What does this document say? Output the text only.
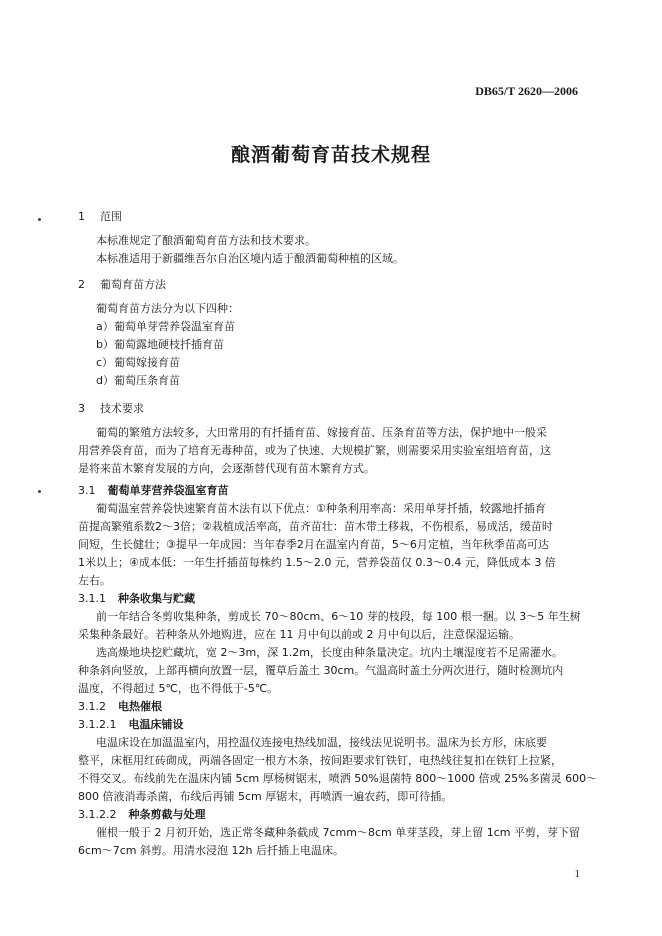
DB65/T 2620—2006
酿酒葡萄育苗技术规程
1 范围
本标准规定了酿酒葡萄育苗方法和技术要求。
本标准适用于新疆维吾尔自治区境内适于酿酒葡萄种植的区域。
2 葡萄育苗方法
葡萄育苗方法分为以下四种：
a）葡萄单芽营养袋温室育苗
b）葡萄露地硬枝扦插育苗
c）葡萄嫁接育苗
d）葡萄压条育苗
3 技术要求
葡萄的繁殖方法较多，大田常用的有扦插育苗、嫁接育苗、压条育苗等方法，保护地中一般采
用营养袋育苗，而为了培育无毒种苗，或为了快速、大规模扩繁，则需要采用实验室组培育苗，这
是将来苗木繁育发展的方向，会逐渐替代现有苗木繁育方式。
3.1 葡萄单芽营养袋温室育苗
葡萄温室营养袋快速繁育苗木法有以下优点：①种条利用率高：采用单芽扦插，较露地扦插育
苗提高繁殖系数2～3倍；②栽植成活率高，苗齐苗壮：苗木带土移栽，不伤根系，易成活，缓苗时
间短，生长健壮；③提早一年成园：当年春季2月在温室内育苗，5～6月定植，当年秋季苗高可达
1米以上；④成本低：一年生扦插苗每株约 1.5～2.0 元，营养袋苗仅 0.3～0.4 元，降低成本 3 倍
左右。
3.1.1 种条收集与贮藏
前一年结合冬剪收集种条，剪成长 70～80cm、6～10 芽的枝段，每 100 根一捆。以 3～5 年生树
采集种条最好。若种条从外地购进，应在 11 月中旬以前或 2 月中旬以后，注意保湿运输。
选高燥地块挖贮藏坑，宽 2～3m，深 1.2m，长度由种条量决定。坑内土壤湿度若不足需灌水。
种条斜向竖放，上部再横向放置一层，覆草后盖土 30cm。气温高时盖土分两次进行，随时检测坑内
温度，不得超过 5℃，也不得低于-5℃。
3.1.2 电热催根
3.1.2.1 电温床铺设
电温床设在加温温室内，用控温仪连接电热线加温，接线法见说明书。温床为长方形，床底要
整平，床框用红砖砌成，两端各固定一根方木条，按间距要求钉铁钉，电热线往复扣在铁钉上拉紧，
不得交叉。布线前先在温床内铺 5cm 厚杨树锯末，喷洒 50%退菌特 800～1000 倍或 25%多菌灵 600～
800 倍液消毒杀菌，布线后再铺 5cm 厚锯末，再喷洒一遍农药，即可待插。
3.1.2.2 种条剪截与处理
催根一般于 2 月初开始，选正常冬藏种条截成 7cmm～8cm 单芽茎段，芽上留 1cm 平剪，芽下留
6cm～7cm 斜剪。用清水浸泡 12h 后扦插上电温床。
1
